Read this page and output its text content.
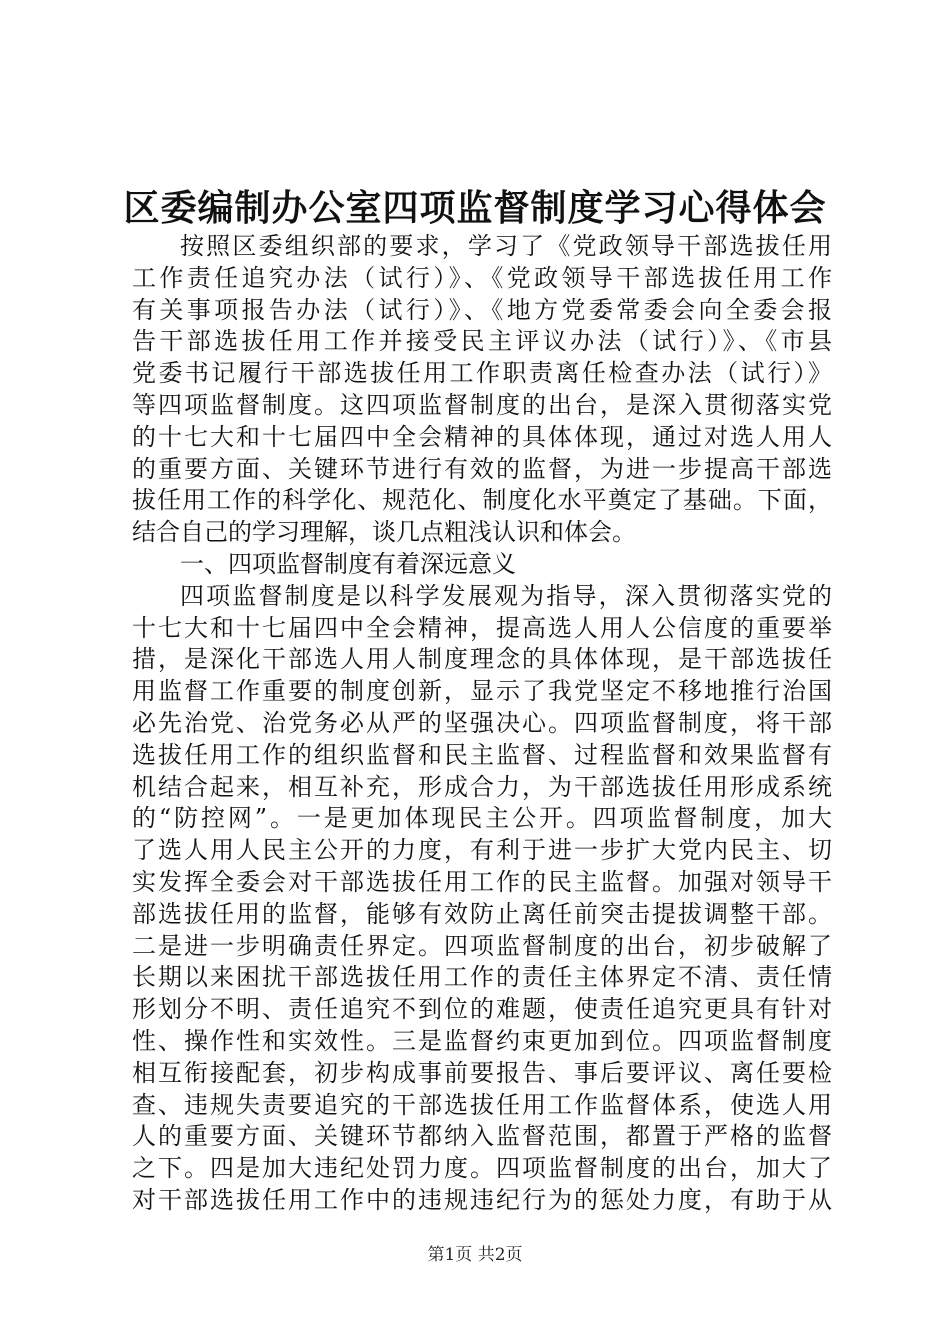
区委编制办公室四项监督制度学习心得体会
按照区委组织部的要求，学习了《党政领导干部选拔任用
工作责任追究办法（试行）》、《党政领导干部选拔任用工作
有关事项报告办法（试行）》、《地方党委常委会向全委会报
告干部选拔任用工作并接受民主评议办法（试行）》、《市县
党委书记履行干部选拔任用工作职责离任检查办法（试行）》
等四项监督制度。这四项监督制度的出台，是深入贯彻落实党
的十七大和十七届四中全会精神的具体体现，通过对选人用人
的重要方面、关键环节进行有效的监督，为进一步提高干部选
拔任用工作的科学化、规范化、制度化水平奠定了基础。下面，
结合自己的学习理解，谈几点粗浅认识和体会。
一、四项监督制度有着深远意义
四项监督制度是以科学发展观为指导，深入贯彻落实党的
十七大和十七届四中全会精神，提高选人用人公信度的重要举
措，是深化干部选人用人制度理念的具体体现，是干部选拔任
用监督工作重要的制度创新，显示了我党坚定不移地推行治国
必先治党、治党务必从严的坚强决心。四项监督制度，将干部
选拔任用工作的组织监督和民主监督、过程监督和效果监督有
机结合起来，相互补充，形成合力，为干部选拔任用形成系统
的“防控网”。一是更加体现民主公开。四项监督制度，加大
了选人用人民主公开的力度，有利于进一步扩大党内民主、切
实发挥全委会对干部选拔任用工作的民主监督。加强对领导干
部选拔任用的监督，能够有效防止离任前突击提拔调整干部。
二是进一步明确责任界定。四项监督制度的出台，初步破解了
长期以来困扰干部选拔任用工作的责任主体界定不清、责任情
形划分不明、责任追究不到位的难题，使责任追究更具有针对
性、操作性和实效性。三是监督约束更加到位。四项监督制度
相互衔接配套，初步构成事前要报告、事后要评议、离任要检
查、违规失责要追究的干部选拔任用工作监督体系，使选人用
人的重要方面、关键环节都纳入监督范围，都置于严格的监督
之下。四是加大违纪处罚力度。四项监督制度的出台，加大了
对干部选拔任用工作中的违规违纪行为的惩处力度，有助于从
第1页 共2页
